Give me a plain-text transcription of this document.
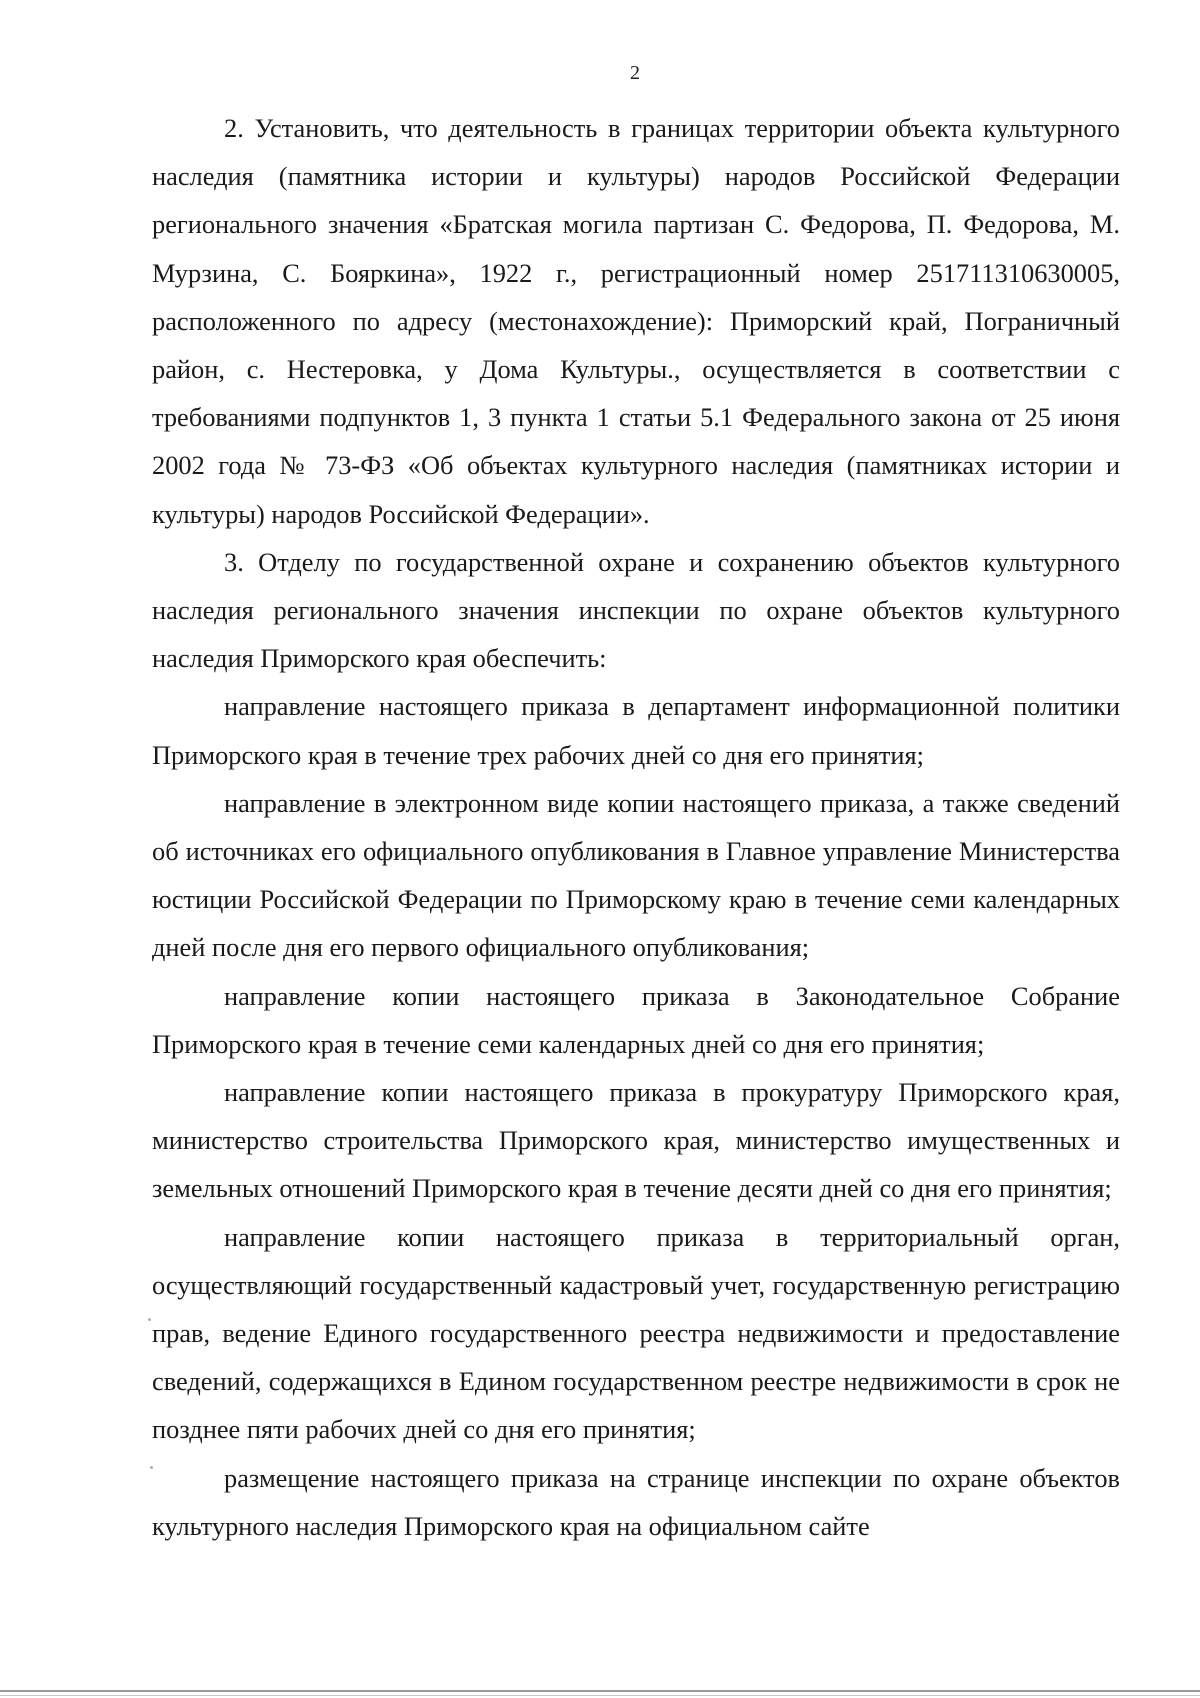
2

2. Установить, что деятельность в границах территории объекта культурного наследия (памятника истории и культуры) народов Российской Федерации регионального значения «Братская могила партизан С. Федорова, П. Федорова, М. Мурзина, С. Бояркина», 1922 г., регистрационный номер 251711310630005, расположенного по адресу (местонахождение): Приморский край, Пограничный район, с. Нестеровка, у Дома Культуры., осуществляется в соответствии с требованиями подпунктов 1, 3 пункта 1 статьи 5.1 Федерального закона от 25 июня 2002 года № 73-ФЗ «Об объектах культурного наследия (памятниках истории и культуры) народов Российской Федерации».

3. Отделу по государственной охране и сохранению объектов культурного наследия регионального значения инспекции по охране объектов культурного наследия Приморского края обеспечить:

направление настоящего приказа в департамент информационной политики Приморского края в течение трех рабочих дней со дня его принятия;

направление в электронном виде копии настоящего приказа, а также сведений об источниках его официального опубликования в Главное управление Министерства юстиции Российской Федерации по Приморскому краю в течение семи календарных дней после дня его первого официального опубликования;

направление копии настоящего приказа в Законодательное Собрание Приморского края в течение семи календарных дней со дня его принятия;

направление копии настоящего приказа в прокуратуру Приморского края, министерство строительства Приморского края, министерство имущественных и земельных отношений Приморского края в течение десяти дней со дня его принятия;

направление копии настоящего приказа в территориальный орган, осуществляющий государственный кадастровый учет, государственную регистрацию прав, ведение Единого государственного реестра недвижимости и предоставление сведений, содержащихся в Едином государственном реестре недвижимости в срок не позднее пяти рабочих дней со дня его принятия;

размещение настоящего приказа на странице инспекции по охране объектов культурного наследия Приморского края на официальном сайте
